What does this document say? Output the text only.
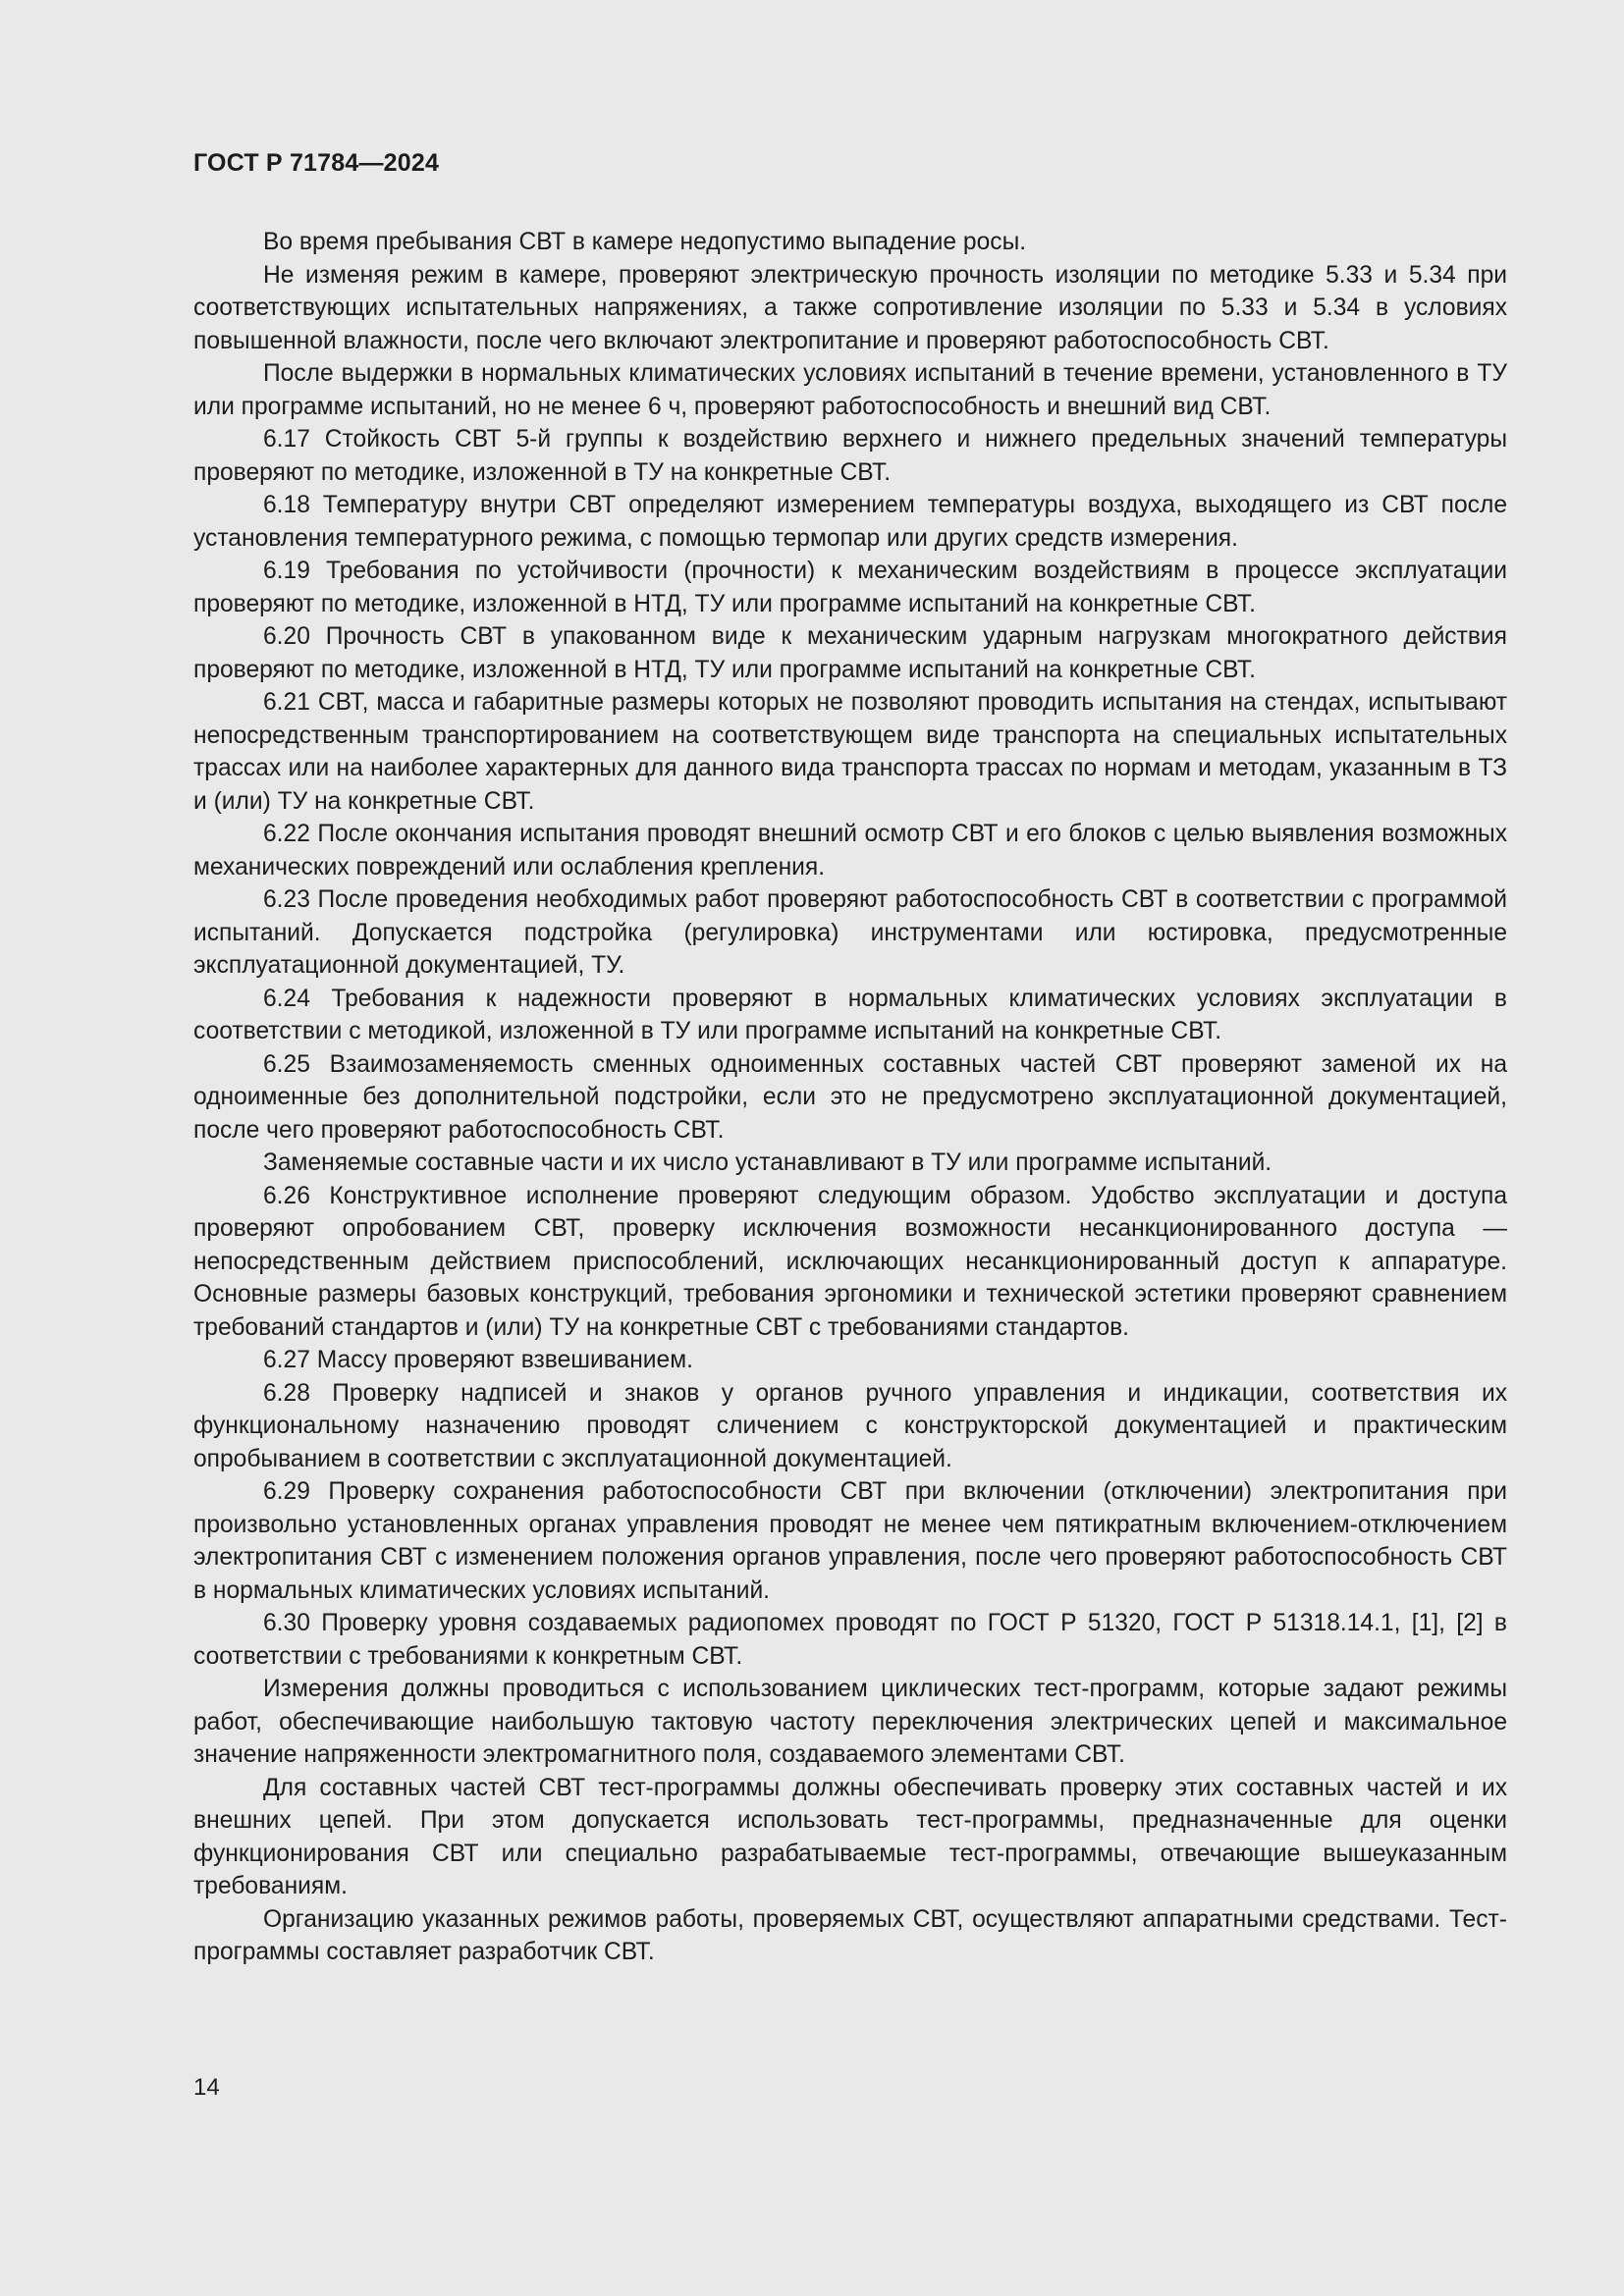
ГОСТ Р 71784—2024

Во время пребывания СВТ в камере недопустимо выпадение росы.

Не изменяя режим в камере, проверяют электрическую прочность изоляции по методике 5.33 и 5.34 при соответствующих испытательных напряжениях, а также сопротивление изоляции по 5.33 и 5.34 в условиях повышенной влажности, после чего включают электропитание и проверяют работоспособность СВТ.

После выдержки в нормальных климатических условиях испытаний в течение времени, установленного в ТУ или программе испытаний, но не менее 6 ч, проверяют работоспособность и внешний вид СВТ.

6.17 Стойкость СВТ 5-й группы к воздействию верхнего и нижнего предельных значений температуры проверяют по методике, изложенной в ТУ на конкретные СВТ.

6.18 Температуру внутри СВТ определяют измерением температуры воздуха, выходящего из СВТ после установления температурного режима, с помощью термопар или других средств измерения.

6.19 Требования по устойчивости (прочности) к механическим воздействиям в процессе эксплуатации проверяют по методике, изложенной в НТД, ТУ или программе испытаний на конкретные СВТ.

6.20 Прочность СВТ в упакованном виде к механическим ударным нагрузкам многократного действия проверяют по методике, изложенной в НТД, ТУ или программе испытаний на конкретные СВТ.

6.21 СВТ, масса и габаритные размеры которых не позволяют проводить испытания на стендах, испытывают непосредственным транспортированием на соответствующем виде транспорта на специальных испытательных трассах или на наиболее характерных для данного вида транспорта трассах по нормам и методам, указанным в ТЗ и (или) ТУ на конкретные СВТ.

6.22 После окончания испытания проводят внешний осмотр СВТ и его блоков с целью выявления возможных механических повреждений или ослабления крепления.

6.23 После проведения необходимых работ проверяют работоспособность СВТ в соответствии с программой испытаний. Допускается подстройка (регулировка) инструментами или юстировка, предусмотренные эксплуатационной документацией, ТУ.

6.24 Требования к надежности проверяют в нормальных климатических условиях эксплуатации в соответствии с методикой, изложенной в ТУ или программе испытаний на конкретные СВТ.

6.25 Взаимозаменяемость сменных одноименных составных частей СВТ проверяют заменой их на одноименные без дополнительной подстройки, если это не предусмотрено эксплуатационной документацией, после чего проверяют работоспособность СВТ.

Заменяемые составные части и их число устанавливают в ТУ или программе испытаний.

6.26 Конструктивное исполнение проверяют следующим образом. Удобство эксплуатации и доступа проверяют опробованием СВТ, проверку исключения возможности несанкционированного доступа — непосредственным действием приспособлений, исключающих несанкционированный доступ к аппаратуре. Основные размеры базовых конструкций, требования эргономики и технической эстетики проверяют сравнением требований стандартов и (или) ТУ на конкретные СВТ с требованиями стандартов.

6.27 Массу проверяют взвешиванием.

6.28 Проверку надписей и знаков у органов ручного управления и индикации, соответствия их функциональному назначению проводят сличением с конструкторской документацией и практическим опробыванием в соответствии с эксплуатационной документацией.

6.29 Проверку сохранения работоспособности СВТ при включении (отключении) электропитания при произвольно установленных органах управления проводят не менее чем пятикратным включением-отключением электропитания СВТ с изменением положения органов управления, после чего проверяют работоспособность СВТ в нормальных климатических условиях испытаний.

6.30 Проверку уровня создаваемых радиопомех проводят по ГОСТ Р 51320, ГОСТ Р 51318.14.1, [1], [2] в соответствии с требованиями к конкретным СВТ.

Измерения должны проводиться с использованием циклических тест-программ, которые задают режимы работ, обеспечивающие наибольшую тактовую частоту переключения электрических цепей и максимальное значение напряженности электромагнитного поля, создаваемого элементами СВТ.

Для составных частей СВТ тест-программы должны обеспечивать проверку этих составных частей и их внешних цепей. При этом допускается использовать тест-программы, предназначенные для оценки функционирования СВТ или специально разрабатываемые тест-программы, отвечающие вышеуказанным требованиям.

Организацию указанных режимов работы, проверяемых СВТ, осуществляют аппаратными средствами. Тест-программы составляет разработчик СВТ.

14
